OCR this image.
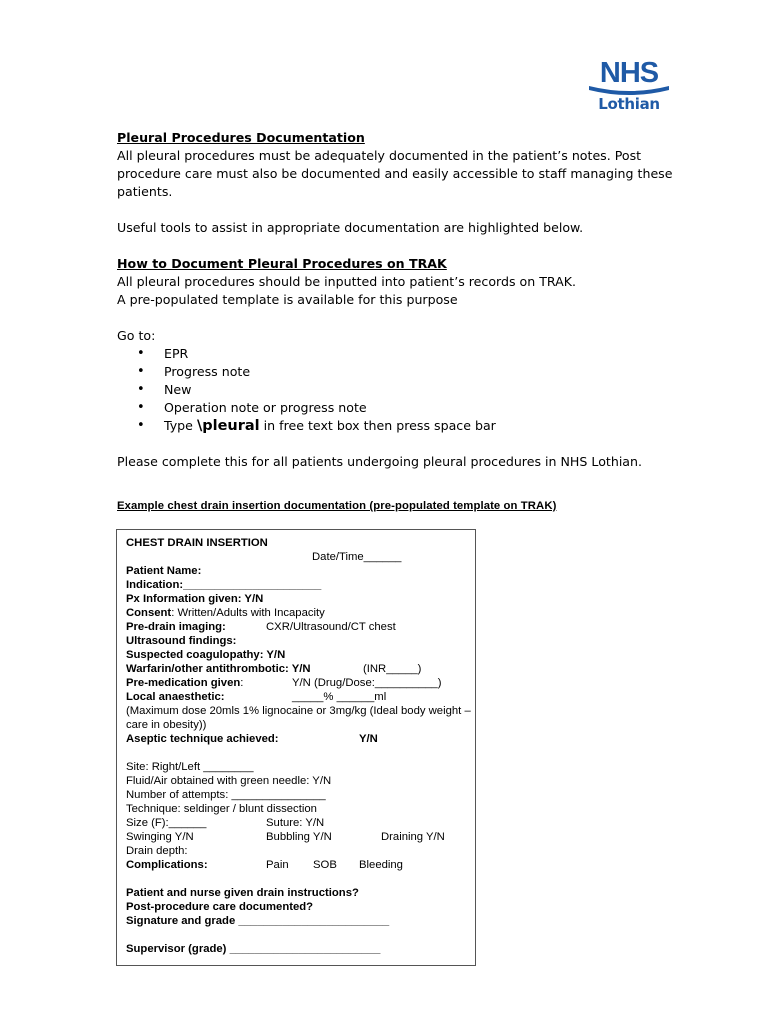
NHS
Lothian

Pleural Procedures Documentation

All pleural procedures must be adequately documented in the patient’s notes. Post procedure care must also be documented and easily accessible to staff managing these patients.

Useful tools to assist in appropriate documentation are highlighted below.

How to Document Pleural Procedures on TRAK

All pleural procedures should be inputted into patient’s records on TRAK.

A pre-populated template is available for this purpose

Go to:

• EPR
• Progress note
• New
• Operation note or progress note
• Type \pleural in free text box then press space bar

Please complete this for all patients undergoing pleural procedures in NHS Lothian.

Example chest drain insertion documentation (pre-populated template on TRAK)
CHEST DRAIN INSERTION
Date/Time______
Patient Name:
Indication:______________________
Px Information given: Y/N
Consent: Written/Adults with Incapacity
Pre-drain imaging:	CXR/Ultrasound/CT chest
Ultrasound findings:
Suspected coagulopathy: Y/N
Warfarin/other antithrombotic: Y/N	(INR_____)
Pre-medication given:	Y/N (Drug/Dose:__________)
Local anaesthetic:	_____% ______ml
(Maximum dose 20mls 1% lignocaine or 3mg/kg (Ideal body weight – care in obesity))
Aseptic technique achieved:	Y/N
Site: Right/Left ________
Fluid/Air obtained with green needle: Y/N
Number of attempts: _______________
Technique: seldinger / blunt dissection
Size (F):______	Suture: Y/N
Swinging Y/N	Bubbling Y/N	Draining Y/N
Drain depth:
Complications:	Pain SOB Bleeding
Patient and nurse given drain instructions?
Post-procedure care documented?
Signature and grade ________________________
Supervisor (grade) ________________________
